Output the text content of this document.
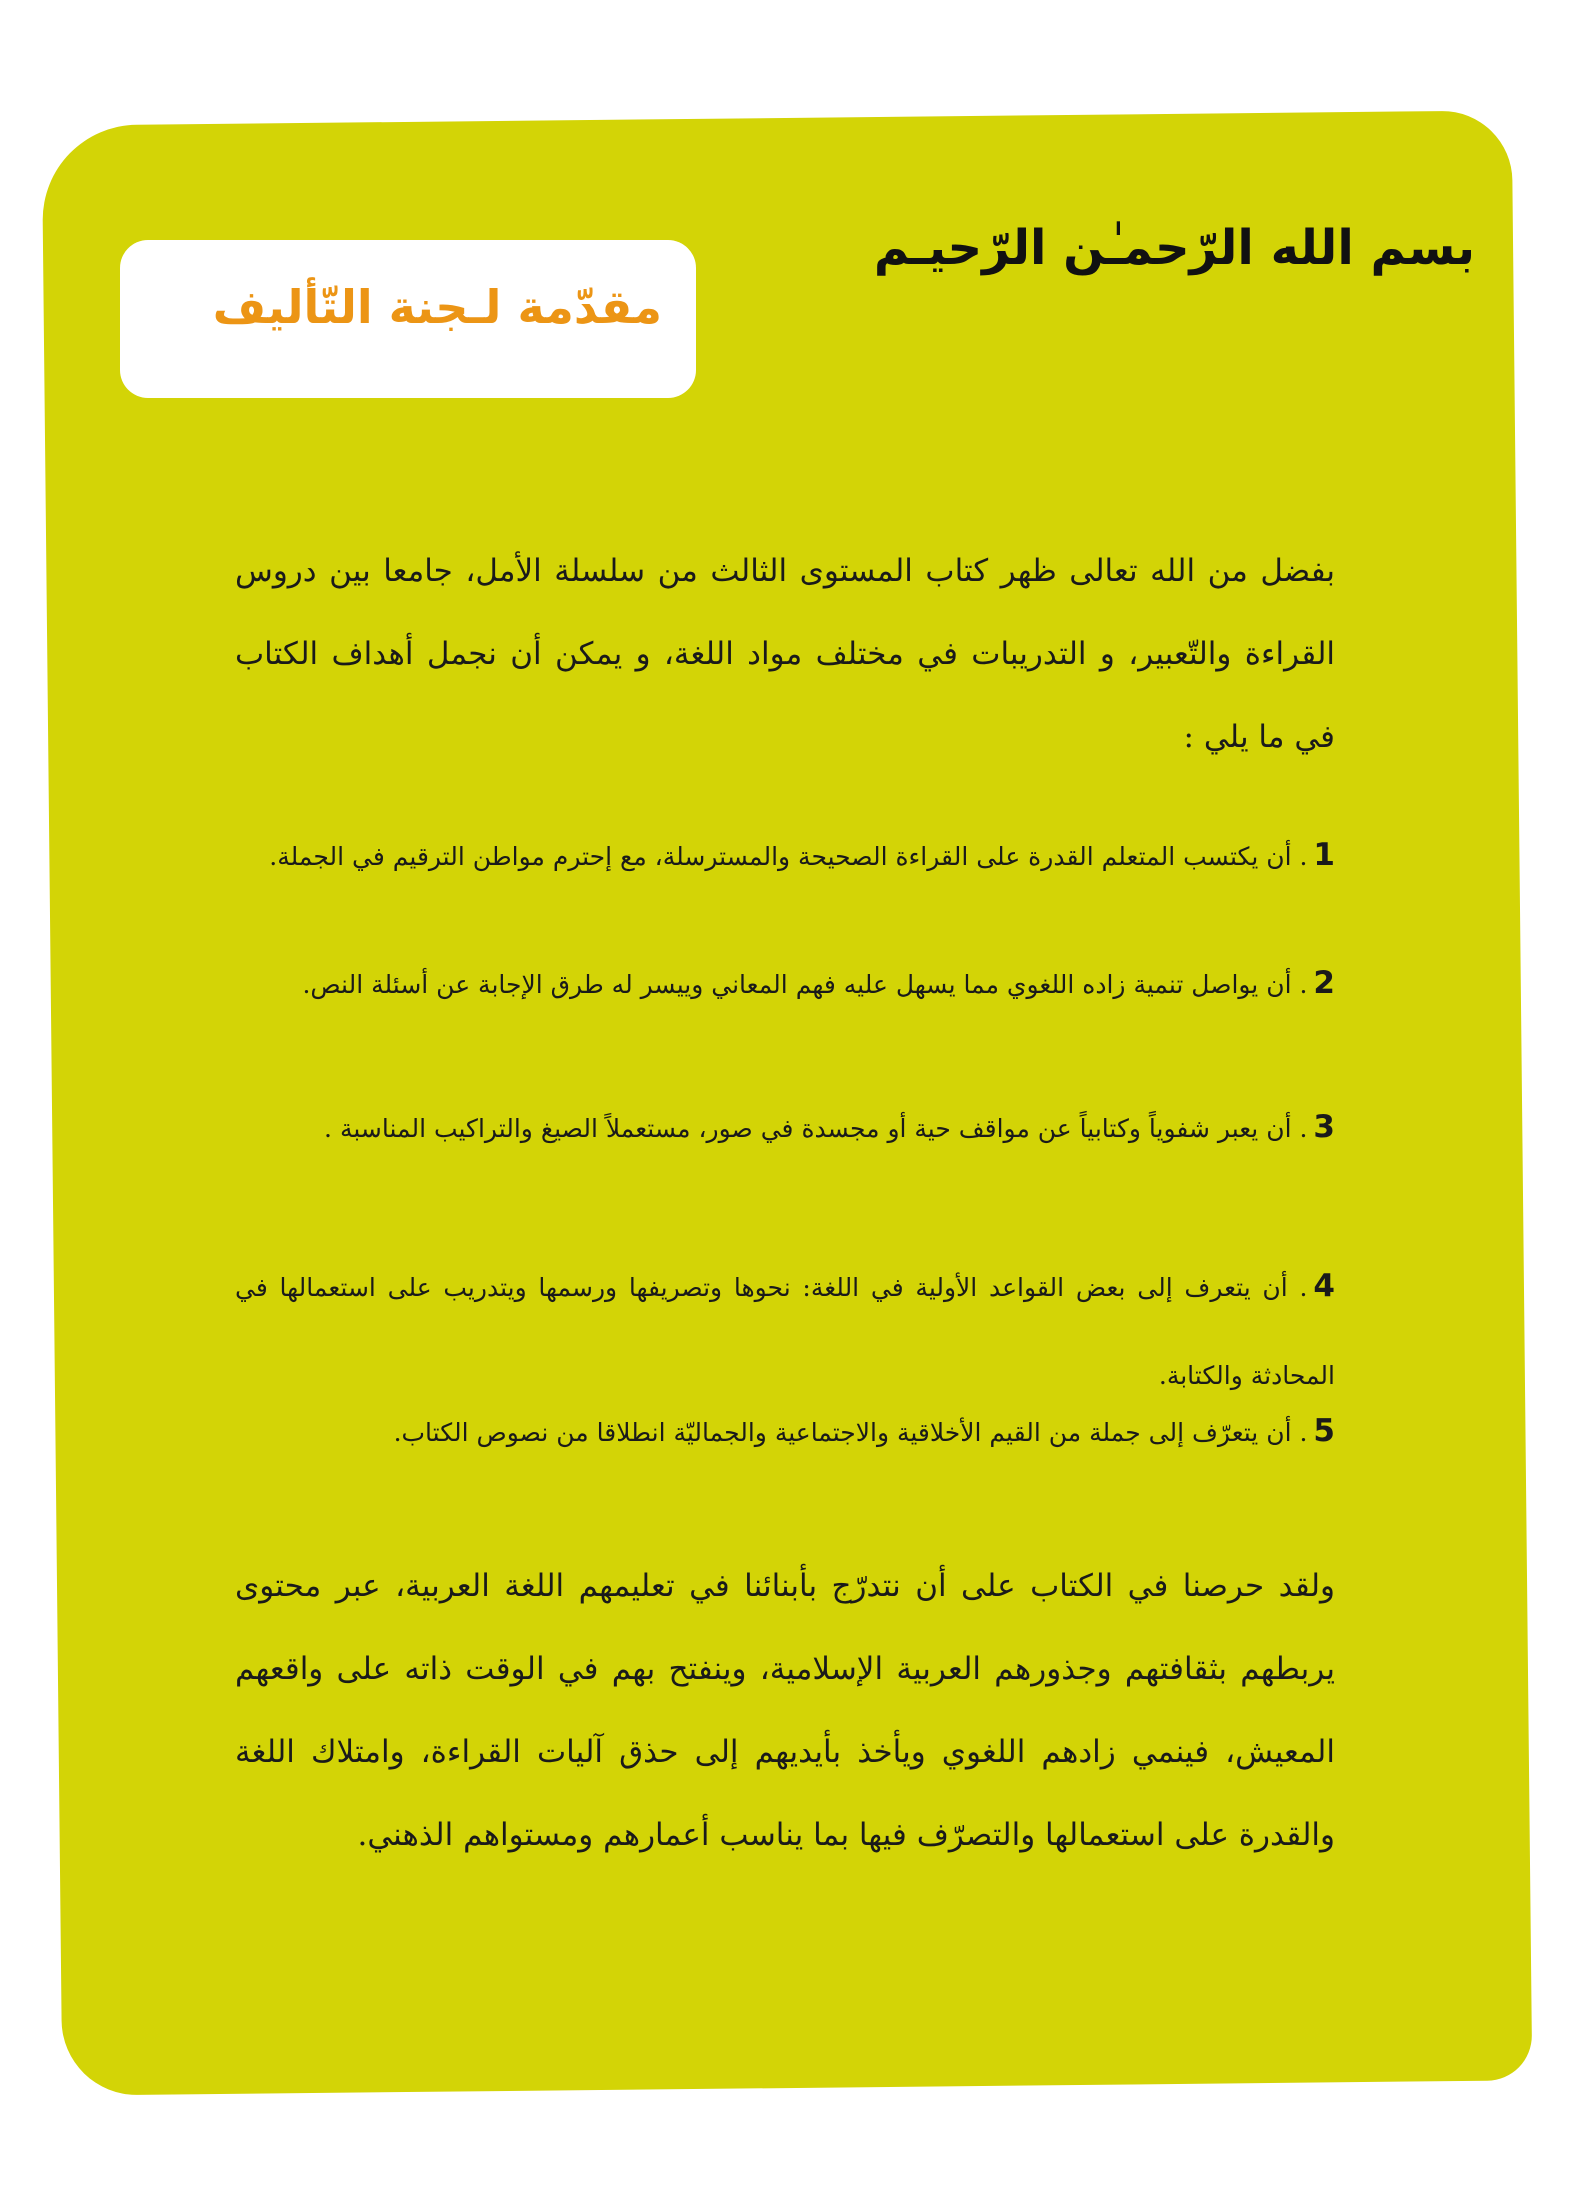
بسم الله الرّحمـٰن الرّحيـم
مقدّمة لـجنة التّأليف

بفضل من الله تعالى ظهر كتاب المستوى الثالث من سلسلة الأمل، جامعا بين دروس القراءة والتّعبير، و التدريبات في مختلف مواد اللغة، و يمكن أن نجمل أهداف الكتاب في ما يلي :

1. أن يكتسب المتعلم القدرة على القراءة الصحيحة والمسترسلة، مع إحترم مواطن الترقيم في الجملة.
2. أن يواصل تنمية زاده اللغوي مما يسهل عليه فهم المعاني وييسر له طرق الإجابة عن أسئلة النص.
3. أن يعبر شفوياً وكتابياً عن مواقف حية أو مجسدة في صور، مستعملاً الصيغ والتراكيب المناسبة .
4. أن يتعرف إلى بعض القواعد الأولية في اللغة: نحوها وتصريفها ورسمها ويتدريب على استعمالها في المحادثة والكتابة.
5. أن يتعرّف إلى جملة من القيم الأخلاقية والاجتماعية والجماليّة انطلاقا من نصوص الكتاب.

ولقد حرصنا في الكتاب على أن نتدرّج بأبنائنا في تعليمهم اللغة العربية، عبر محتوى يربطهم بثقافتهم وجذورهم العربية الإسلامية، وينفتح بهم في الوقت ذاته على واقعهم المعيش، فينمي زادهم اللغوي ويأخذ بأيديهم إلى حذق آليات القراءة، وامتلاك اللغة والقدرة على استعمالها والتصرّف فيها بما يناسب أعمارهم ومستواهم الذهني.
